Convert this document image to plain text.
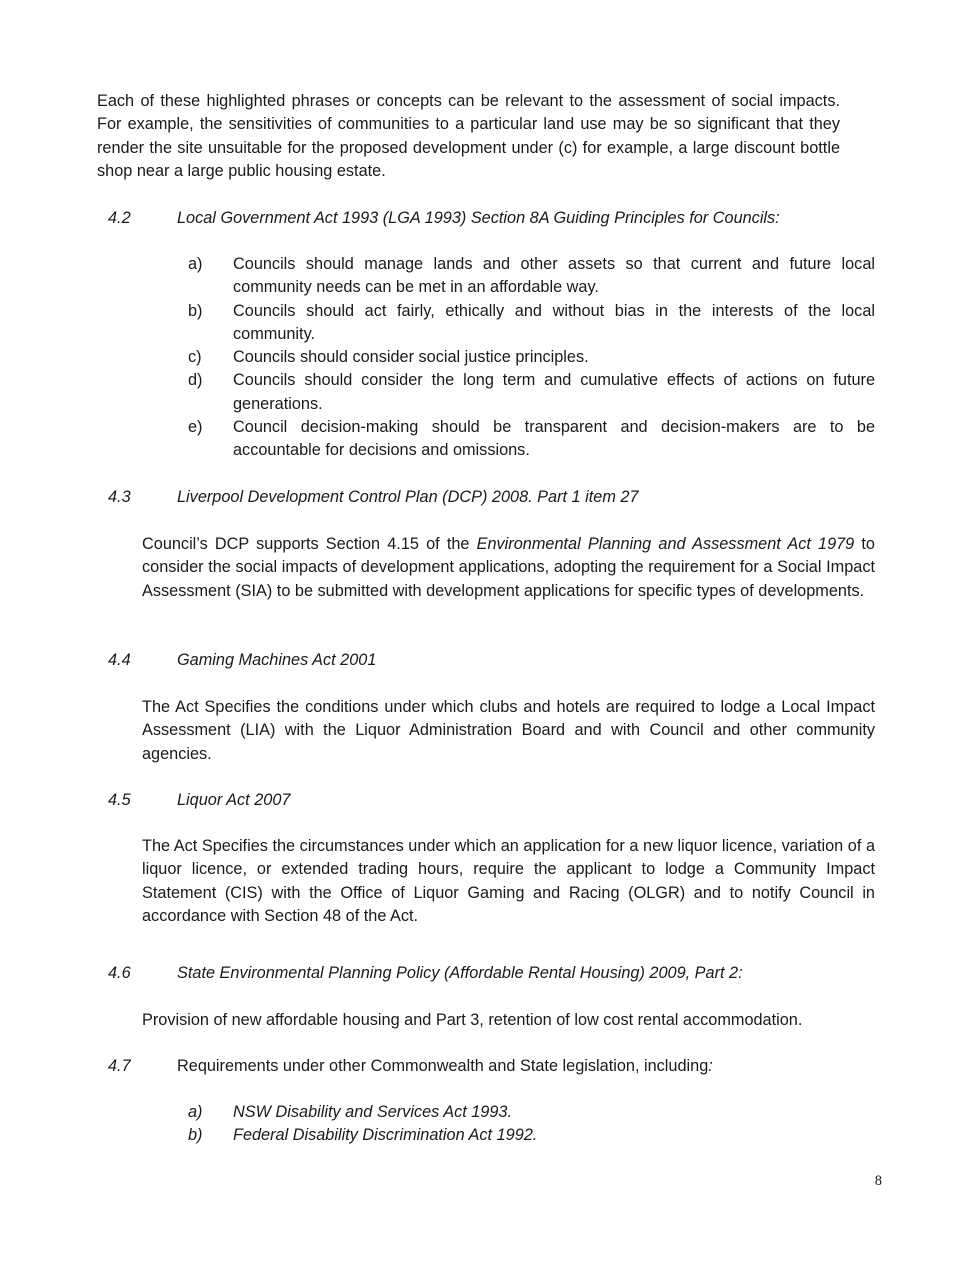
Each of these highlighted phrases or concepts can be relevant to the assessment of social impacts. For example, the sensitivities of communities to a particular land use may be so significant that they render the site unsuitable for the proposed development under (c) for example, a large discount bottle shop near a large public housing estate.

4.2	Local Government Act 1993 (LGA 1993) Section 8A Guiding Principles for Councils:
a) Councils should manage lands and other assets so that current and future local community needs can be met in an affordable way.
b) Councils should act fairly, ethically and without bias in the interests of the local community.
c) Councils should consider social justice principles.
d) Councils should consider the long term and cumulative effects of actions on future generations.
e) Council decision-making should be transparent and decision-makers are to be accountable for decisions and omissions.
4.3	Liverpool Development Control Plan (DCP) 2008. Part 1 item 27

Council’s DCP supports Section 4.15 of the Environmental Planning and Assessment Act 1979 to consider the social impacts of development applications, adopting the requirement for a Social Impact Assessment (SIA) to be submitted with development applications for specific types of developments.

4.4	Gaming Machines Act 2001

The Act Specifies the conditions under which clubs and hotels are required to lodge a Local Impact Assessment (LIA) with the Liquor Administration Board and with Council and other community agencies.

4.5	Liquor Act 2007

The Act Specifies the circumstances under which an application for a new liquor licence, variation of a liquor licence, or extended trading hours, require the applicant to lodge a Community Impact Statement (CIS) with the Office of Liquor Gaming and Racing (OLGR) and to notify Council in accordance with Section 48 of the Act.

4.6	State Environmental Planning Policy (Affordable Rental Housing) 2009, Part 2:

Provision of new affordable housing and Part 3, retention of low cost rental accommodation.

4.7	Requirements under other Commonwealth and State legislation, including:
a) NSW Disability and Services Act 1993.
b) Federal Disability Discrimination Act 1992.
8
